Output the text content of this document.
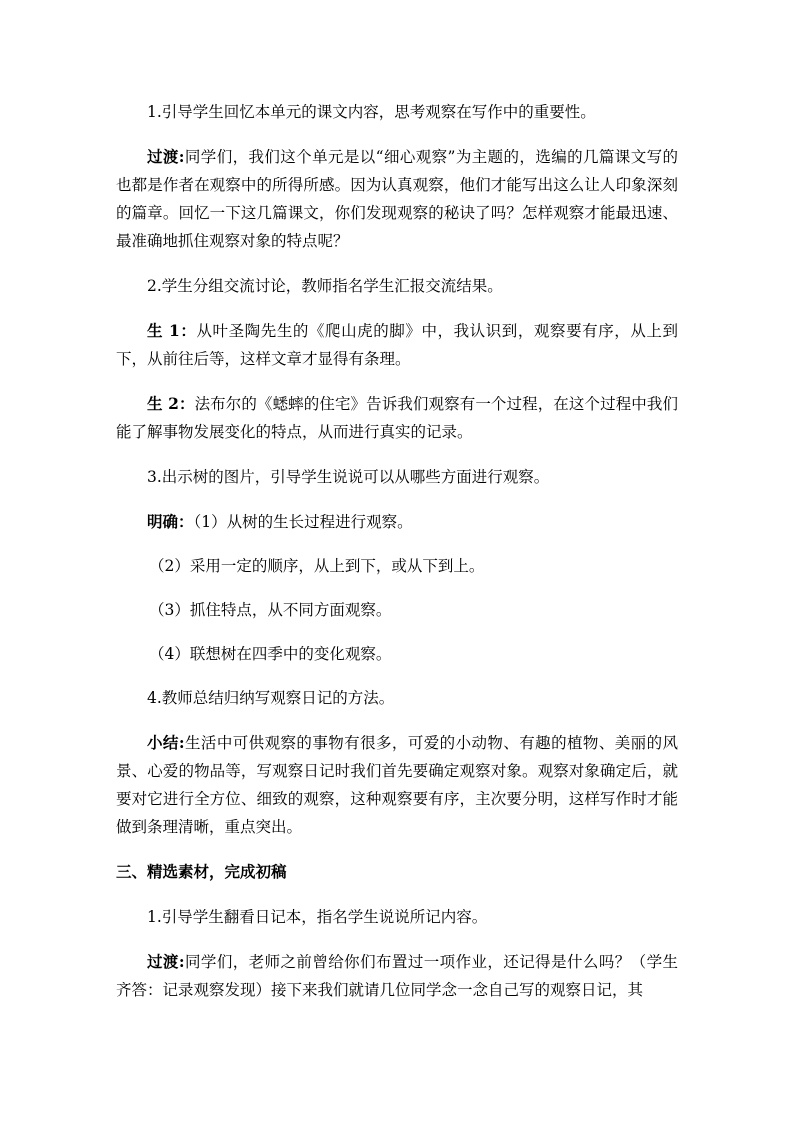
1.引导学生回忆本单元的课文内容，思考观察在写作中的重要性。

过渡:同学们，我们这个单元是以“细心观察”为主题的，选编的几篇课文写的也都是作者在观察中的所得所感。因为认真观察，他们才能写出这么让人印象深刻的篇章。回忆一下这几篇课文，你们发现观察的秘诀了吗？怎样观察才能最迅速、最准确地抓住观察对象的特点呢？

2.学生分组交流讨论，教师指名学生汇报交流结果。

生 1：从叶圣陶先生的《爬山虎的脚》中，我认识到，观察要有序，从上到下，从前往后等，这样文章才显得有条理。

生 2：法布尔的《蟋蟀的住宅》告诉我们观察有一个过程，在这个过程中我们能了解事物发展变化的特点，从而进行真实的记录。

3.出示树的图片，引导学生说说可以从哪些方面进行观察。

明确：（1）从树的生长过程进行观察。

（2）采用一定的顺序，从上到下，或从下到上。

（3）抓住特点，从不同方面观察。

（4）联想树在四季中的变化观察。

4.教师总结归纳写观察日记的方法。

小结:生活中可供观察的事物有很多，可爱的小动物、有趣的植物、美丽的风景、心爱的物品等，写观察日记时我们首先要确定观察对象。观察对象确定后，就要对它进行全方位、细致的观察，这种观察要有序，主次要分明，这样写作时才能做到条理清晰，重点突出。

三、精选素材，完成初稿

1.引导学生翻看日记本，指名学生说说所记内容。

过渡:同学们，老师之前曾给你们布置过一项作业，还记得是什么吗？（学生齐答：记录观察发现）接下来我们就请几位同学念一念自己写的观察日记，其
